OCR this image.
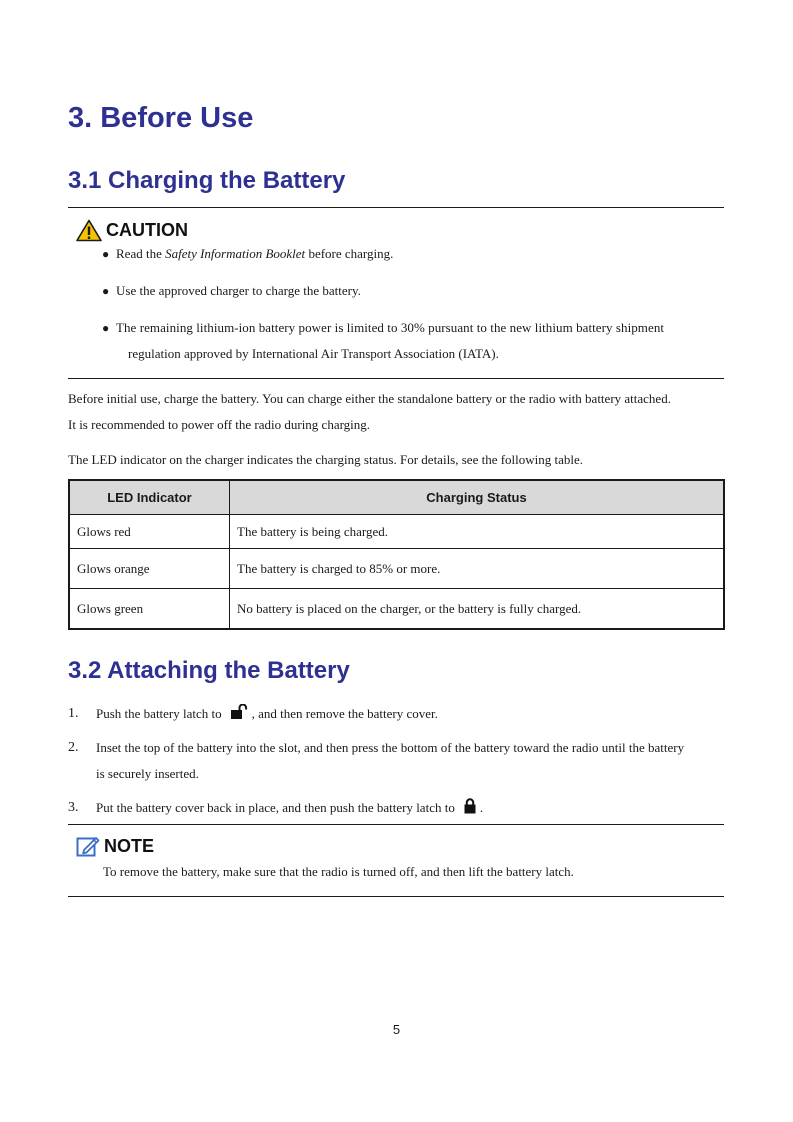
3. Before Use
3.1 Charging the Battery
CAUTION
● Read the Safety Information Booklet before charging.
● Use the approved charger to charge the battery.
● The remaining lithium-ion battery power is limited to 30% pursuant to the new lithium battery shipment
regulation approved by International Air Transport Association (IATA).
Before initial use, charge the battery. You can charge either the standalone battery or the radio with battery attached.
It is recommended to power off the radio during charging.
The LED indicator on the charger indicates the charging status. For details, see the following table.
LED Indicator	Charging Status
Glows red	The battery is being charged.
Glows orange	The battery is charged to 85% or more.
Glows green	No battery is placed on the charger, or the battery is fully charged.
3.2 Attaching the Battery
1. Push the battery latch to , and then remove the battery cover.
2. Inset the top of the battery into the slot, and then press the bottom of the battery toward the radio until the battery
is securely inserted.
3. Put the battery cover back in place, and then push the battery latch to .
NOTE
To remove the battery, make sure that the radio is turned off, and then lift the battery latch.
5
